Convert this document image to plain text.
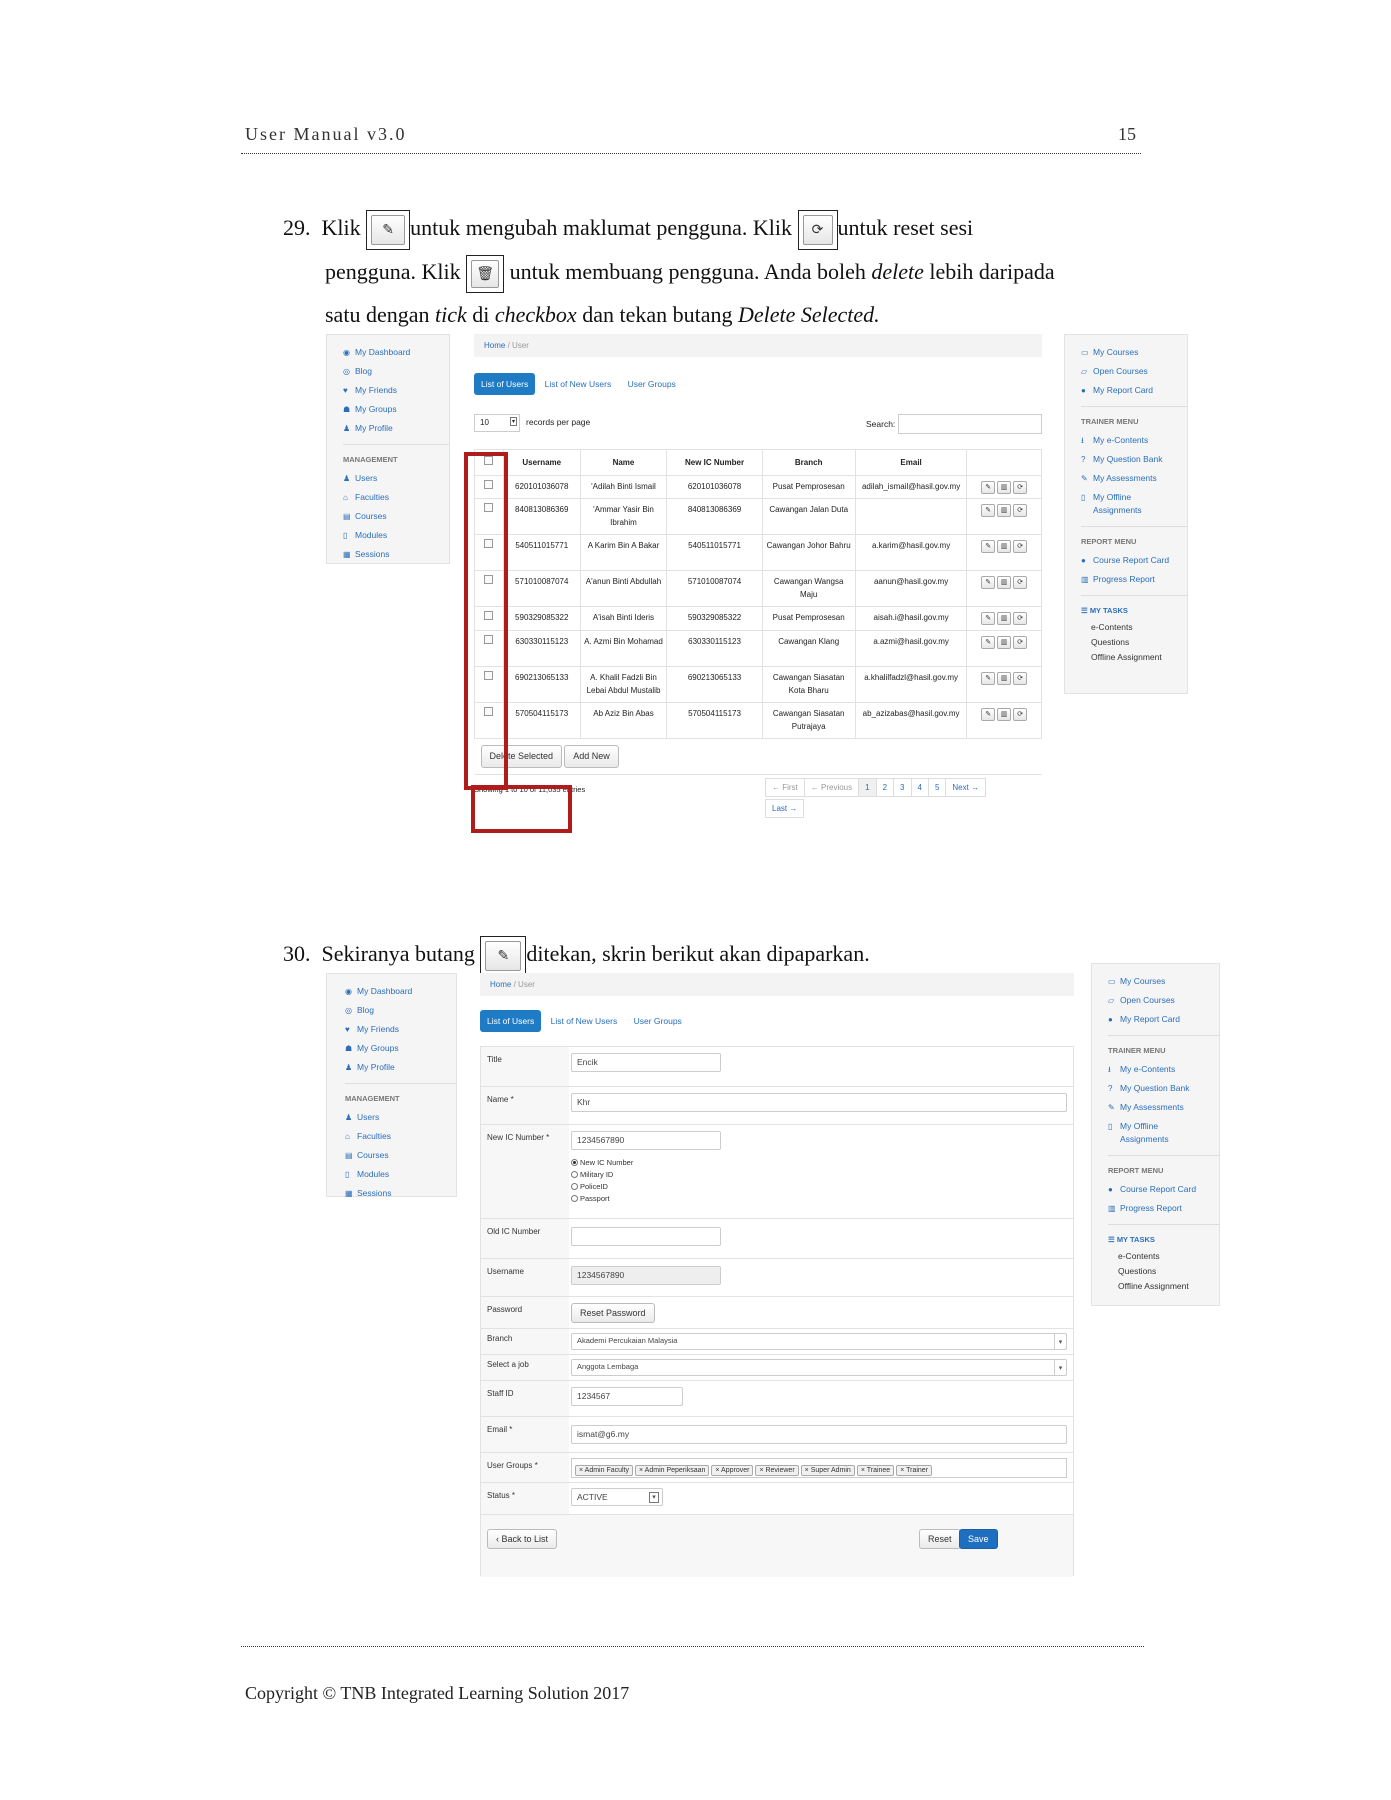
User Manual v3.0	15
29. Klik	✎ untuk mengubah maklumat pengguna. Klik	⟳ untuk reset sesi
pengguna. Klik	🗑 untuk membuang pengguna. Anda boleh delete lebih daripada
satu dengan tick di checkbox dan tekan butang Delete Selected.
◉ My Dashboard
◎ Blog
♥ My Friends
☗ My Groups
♟ My Profile
MANAGEMENT
♟ Users
⌂ Faculties
▤ Courses
▯ Modules
▦ Sessions
Home / User
List of Users List of New Users User Groups
10	▾ records per page	Search:
	Username	Name	New IC Number	Branch	Email	
	620101036078	'Adilah Binti Ismail	620101036078	Pusat Pemprosesan	adilah_ismail@hasil.gov.my	✎ ▥ ⟳
	840813086369	'Ammar Yasir Bin Ibrahim	840813086369	Cawangan Jalan Duta		✎ ▥ ⟳
	540511015771	A Karim Bin A Bakar	540511015771	Cawangan Johor Bahru	a.karim@hasil.gov.my	✎ ▥ ⟳
	571010087074	A'anun Binti Abdullah	571010087074	Cawangan Wangsa Maju	aanun@hasil.gov.my	✎ ▥ ⟳
	590329085322	A'isah Binti Ideris	590329085322	Pusat Pemprosesan	aisah.i@hasil.gov.my	✎ ▥ ⟳
	630330115123	A. Azmi Bin Mohamad	630330115123	Cawangan Klang	a.azmi@hasil.gov.my	✎ ▥ ⟳
	690213065133	A. Khalil Fadzli Bin Lebai Abdul Mustalib	690213065133	Cawangan Siasatan Kota Bharu	a.khalilfadzl@hasil.gov.my	✎ ▥ ⟳
	570504115173	Ab Aziz Bin Abas	570504115173	Cawangan Siasatan Putrajaya	ab_azizabas@hasil.gov.my	✎ ▥ ⟳
Delete Selected Add New						
Showing 1 to 10 of 11,035 entries	← First ← Previous 1 2 3 4 5 Next →
Last →
▭ My Courses
▱ Open Courses
● My Report Card
TRAINER MENU
⭳ My e-Contents
? My Question Bank
✎ My Assessments
▯ My Offline
Assignments
REPORT MENU
● Course Report Card
▥ Progress Report
☰ MY TASKS
e-Contents
Questions
Offline Assignment
30. Sekiranya butang	✎ ditekan, skrin berikut akan dipaparkan.
◉ My Dashboard
◎ Blog
♥ My Friends
☗ My Groups
♟ My Profile
MANAGEMENT
♟ Users
⌂ Faculties
▤ Courses
▯ Modules
▦ Sessions
Home / User
List of Users List of New Users User Groups
Title	Encik
Name *	Khr
New IC Number *	1234567890
New IC Number
Military ID
PoliceID
Passport
Old IC Number
Username	1234567890
Password	Reset Password
Branch	Akademi Percukaian Malaysia	▾
Select a job	Anggota Lembaga	▾
Staff ID	1234567
Email *	ismat@g6.my
User Groups *
× Admin Faculty × Admin Peperiksaan × Approver × Reviewer × Super Admin × Trainee × Trainer
Status *	ACTIVE	▾
‹ Back to List	Reset	Save
▭ My Courses
▱ Open Courses
● My Report Card
TRAINER MENU
⭳ My e-Contents
? My Question Bank
✎ My Assessments
▯ My Offline
Assignments
REPORT MENU
● Course Report Card
▥ Progress Report
☰ MY TASKS
e-Contents
Questions
Offline Assignment
Copyright © TNB Integrated Learning Solution 2017
